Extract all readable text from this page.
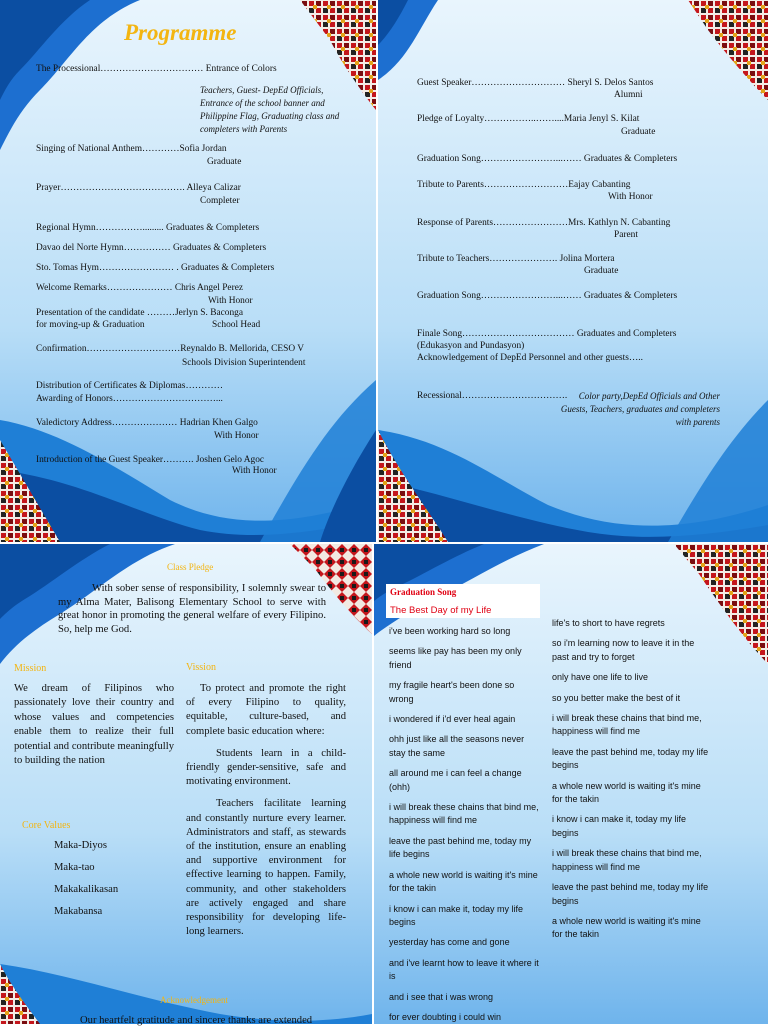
Programme
The Processional…………………………… Entrance of Colors
Teachers, Guest- DepEd Officials, Entrance of the school banner and Philippine Flag, Graduating class and completers with Parents
Singing of National Anthem…………Sofia Jordan
Graduate
Prayer…………………………………. Alleya Calizar
Completer
Regional Hymn……………......... Graduates & Completers
Davao del Norte Hymn…………… Graduates & Completers
Sto. Tomas Hym…………………… . Graduates & Completers
Welcome Remarks………………… Chris Angel Perez
With Honor
Presentation of the candidate ………Jerlyn S. Baconga
for moving-up & Graduation	School Head
Confirmation…………………………Reynaldo B. Mellorida, CESO V
Schools Division Superintendent
Distribution of Certificates & Diplomas…………
Awarding of Honors……………………………...
Valedictory Address………………… Hadrian Khen Galgo
With Honor
Introduction of the Guest Speaker………. Joshen Gelo Agoc
With Honor
Guest Speaker………………………… Sheryl S. Delos Santos
Alumni
Pledge of Loyalty……………..……....Maria Jenyl S. Kilat
Graduate
Graduation Song……………………...…… Graduates & Completers
Tribute to Parents………………………Eajay Cabanting
With Honor
Response of Parents……………………Mrs. Kathlyn N. Cabanting
Parent
Tribute to Teachers…………………. Jolina Mortera
Graduate
Graduation Song……………………...…… Graduates & Completers
Finale Song……………………………… Graduates and Completers
(Edukasyon and Pundasyon)
Acknowledgement of DepEd Personnel and other guests…..
Recessional…………………………….	Color party,DepEd Officials and Other Guests, Teachers, graduates and completers with parents
Class Pledge
With sober sense of responsibility, I solemnly swear to my Alma Mater, Balisong Elementary School to serve with great honor in promoting the general welfare of every Filipino. So, help me God.
Mission
We dream of Filipinos who passionately love their country and whose values and competencies enable them to realize their full potential and contribute meaningfully to building the nation
Vission

To protect and promote the right of every Filipino to quality, equitable, culture-based, and complete basic education where:

Students learn in a child-friendly gender-sensitive, safe and motivating environment.

Teachers facilitate learning and constantly nurture every learner. Administrators and staff, as stewards of the institution, ensure an enabling and supportive environment for effective learning to happen. Family, community, and other stakeholders are actively engaged and share responsibility for developing life-long learners.

Core Values
Maka-Diyos
Maka-tao
Makakalikasan
Makabansa
Acknowledgement
Our heartfelt gratitude and sincere thanks are extended
Graduation Song
The Best Day of my Life
i've been working hard so long
seems like pay has been my only friend
my fragile heart's been done so wrong
i wondered if i'd ever heal again
ohh just like all the seasons never stay the same
all around me i can feel a change (ohh)
i will break these chains that bind me, happiness will find me
leave the past behind me, today my life begins
a whole new world is waiting it's mine for the takin
i know i can make it, today my life begins
yesterday has come and gone
and i've learnt how to leave it where it is
and i see that i was wrong
for ever doubting i could win
life's to short to have regrets
so i'm learning now to leave it in the past and try to forget
only have one life to live
so you better make the best of it
i will break these chains that bind me, happiness will find me
leave the past behind me, today my life begins
a whole new world is waiting it's mine for the takin
i know i can make it, today my life begins
i will break these chains that bind me, happiness will find me
leave the past behind me, today my life begins
a whole new world is waiting it's mine for the takin
